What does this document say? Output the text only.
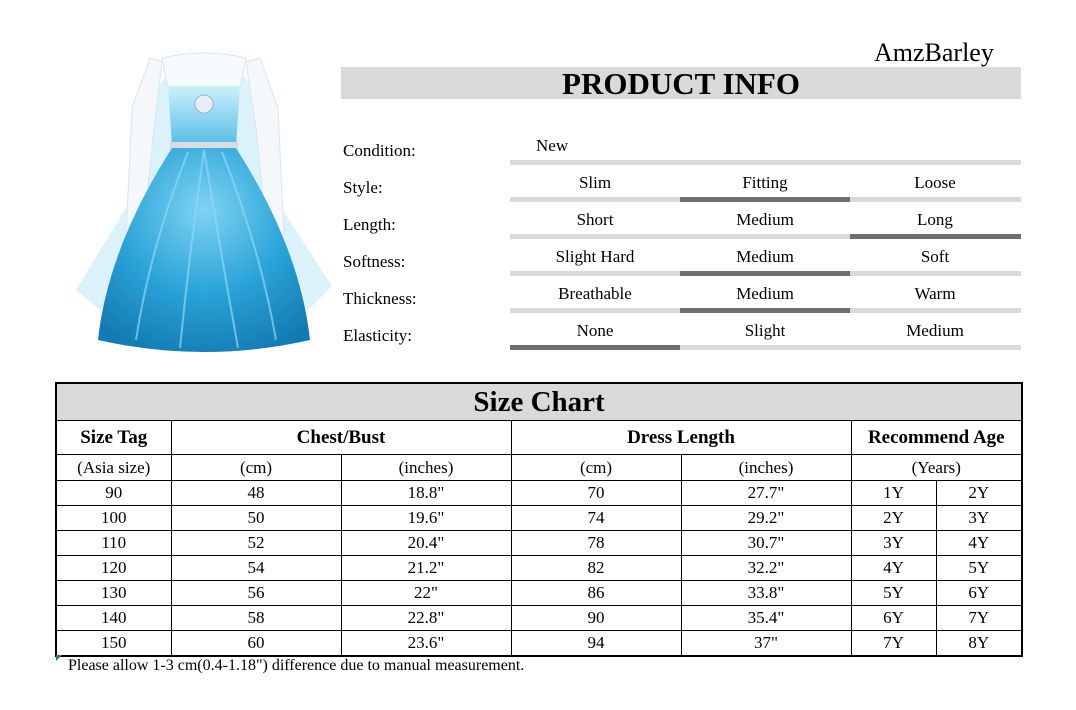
AmzBarley
PRODUCT INFO
Condition:	New
Style:	Slim	Fitting	Loose
Length:	Short	Medium	Long
Softness:	Slight Hard	Medium	Soft
Thickness:	Breathable	Medium	Warm
Elasticity:	None	Slight	Medium
Size Chart						
Size Tag	Chest/Bust		Dress Length		Recommend Age	
(Asia size)	(cm)	(inches)	(cm)	(inches)	(Years)	
90	48	18.8"	70	27.7"	1Y	2Y
100	50	19.6"	74	29.2"	2Y	3Y
110	52	20.4"	78	30.7"	3Y	4Y
120	54	21.2"	82	32.2"	4Y	5Y
130	56	22"	86	33.8"	5Y	6Y
140	58	22.8"	90	35.4"	6Y	7Y
150	60	23.6"	94	37"	7Y	8Y
Please allow 1-3 cm(0.4-1.18") difference due to manual measurement.
